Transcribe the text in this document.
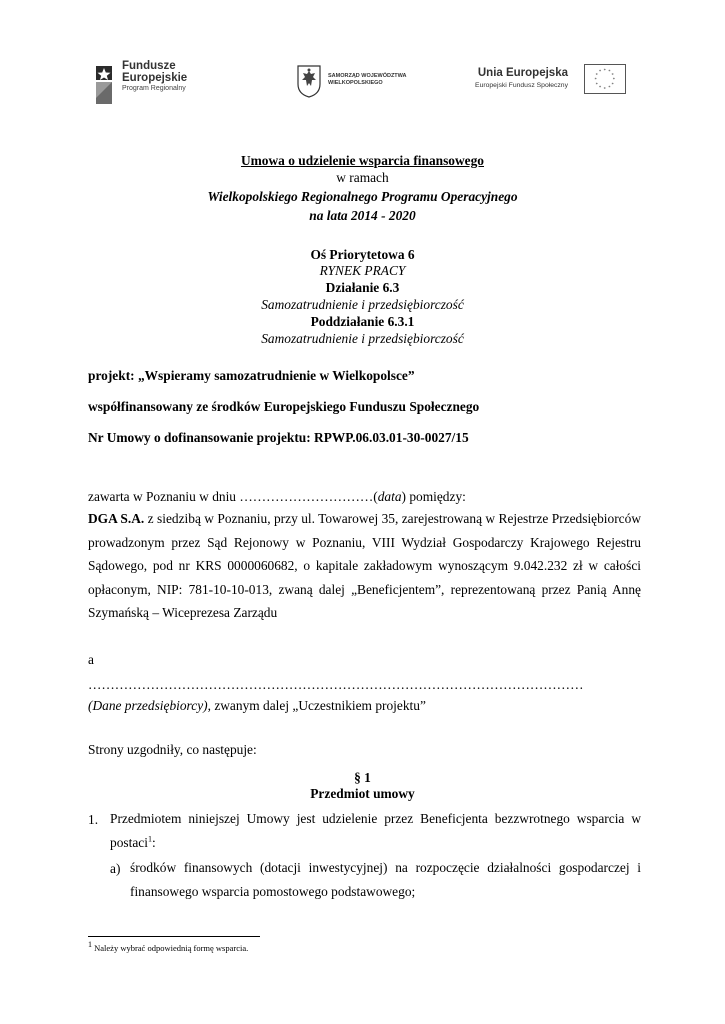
Fundusze
Europejskie
Program Regionalny
SAMORZĄD WOJEWÓDZTWA
WIELKOPOLSKIEGO
Unia Europejska
Europejski Fundusz Społeczny
* *
*
*
*
*
*
*
*
*
*
*
Umowa o udzielenie wsparcia finansowego
w ramach
Wielkopolskiego Regionalnego Programu Operacyjnego
na lata 2014 - 2020
Oś Priorytetowa 6
RYNEK PRACY
Działanie 6.3
Samozatrudnienie i przedsiębiorczość
Poddziałanie 6.3.1
Samozatrudnienie i przedsiębiorczość
projekt: „Wspieramy samozatrudnienie w Wielkopolsce”
współfinansowany ze środków Europejskiego Funduszu Społecznego
Nr Umowy o dofinansowanie projektu: RPWP.06.03.01-30-0027/15
zawarta w Poznaniu w dniu …………………………(data) pomiędzy:
DGA S.A. z siedzibą w Poznaniu, przy ul. Towarowej 35, zarejestrowaną w Rejestrze Przedsiębiorców prowadzonym przez Sąd Rejonowy w Poznaniu, VIII Wydział Gospodarczy Krajowego Rejestru Sądowego, pod nr KRS 0000060682, o kapitale zakładowym wynoszącym 9.042.232 zł w całości opłaconym, NIP: 781-10-10-013, zwaną dalej „Beneficjentem”, reprezentowaną przez Panią Annę Szymańską – Wiceprezesa Zarządu
a
…………………………………………………………………………………………………
(Dane przedsiębiorcy), zwanym dalej „Uczestnikiem projektu”
Strony uzgodniły, co następuje:
§ 1
Przedmiot umowy
1. Przedmiotem niniejszej Umowy jest udzielenie przez Beneficjenta bezzwrotnego wsparcia w postaci$^1$:
a) środków finansowych (dotacji inwestycyjnej) na rozpoczęcie działalności gospodarczej i finansowego wsparcia pomostowego podstawowego;
$^1$ Należy wybrać odpowiednią formę wsparcia.
